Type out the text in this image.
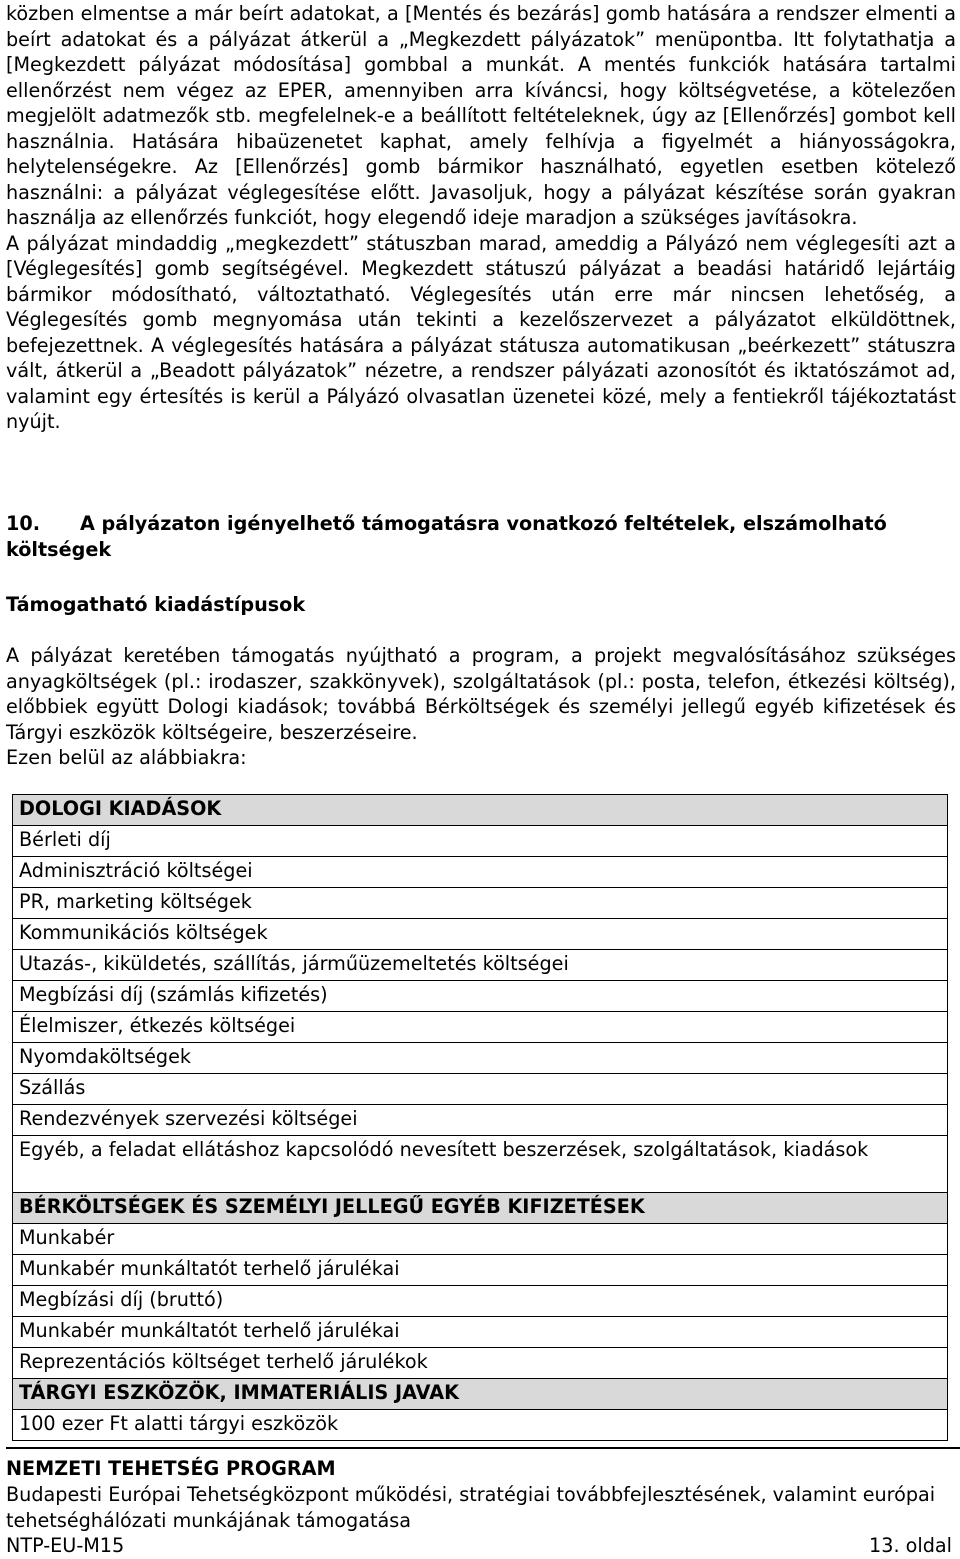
közben elmentse a már beírt adatokat, a [Mentés és bezárás] gomb hatására a rendszer elmenti a beírt adatokat és a pályázat átkerül a „Megkezdett pályázatok” menüpontba. Itt folytathatja a [Megkezdett pályázat módosítása] gombbal a munkát. A mentés funkciók hatására tartalmi ellenőrzést nem végez az EPER, amennyiben arra kíváncsi, hogy költségvetése, a kötelezően megjelölt adatmezők stb. megfelelnek-e a beállított feltételeknek, úgy az [Ellenőrzés] gombot kell használnia. Hatására hibaüzenetet kaphat, amely felhívja a figyelmét a hiányosságokra, helytelenségekre. Az [Ellenőrzés] gomb bármikor használható, egyetlen esetben kötelező használni: a pályázat véglegesítése előtt. Javasoljuk, hogy a pályázat készítése során gyakran használja az ellenőrzés funkciót, hogy elegendő ideje maradjon a szükséges javításokra.

A pályázat mindaddig „megkezdett” státuszban marad, ameddig a Pályázó nem véglegesíti azt a [Véglegesítés] gomb segítségével. Megkezdett státuszú pályázat a beadási határidő lejártáig bármikor módosítható, változtatható. Véglegesítés után erre már nincsen lehetőség, a Véglegesítés gomb megnyomása után tekinti a kezelőszervezet a pályázatot elküldöttnek, befejezettnek. A véglegesítés hatására a pályázat státusza automatikusan „beérkezett” státuszra vált, átkerül a „Beadott pályázatok” nézetre, a rendszer pályázati azonosítót és iktatószámot ad, valamint egy értesítés is kerül a Pályázó olvasatlan üzenetei közé, mely a fentiekről tájékoztatást nyújt.

10. A pályázaton igényelhető támogatásra vonatkozó feltételek, elszámolható költségek

Támogatható kiadástípusok

A pályázat keretében támogatás nyújtható a program, a projekt megvalósításához szükséges anyagköltségek (pl.: irodaszer, szakkönyvek), szolgáltatások (pl.: posta, telefon, étkezési költség), előbbiek együtt Dologi kiadások; továbbá Bérköltségek és személyi jellegű egyéb kifizetések és Tárgyi eszközök költségeire, beszerzéseire.

Ezen belül az alábbiakra:

DOLOGI KIADÁSOK
Bérleti díj
Adminisztráció költségei
PR, marketing költségek
Kommunikációs költségek
Utazás-, kiküldetés, szállítás, járműüzemeltetés költségei
Megbízási díj (számlás kifizetés)
Élelmiszer, étkezés költségei
Nyomdaköltségek
Szállás
Rendezvények szervezési költségei
Egyéb, a feladat ellátáshoz kapcsolódó nevesített beszerzések, szolgáltatások, kiadások
BÉRKÖLTSÉGEK ÉS SZEMÉLYI JELLEGŰ EGYÉB KIFIZETÉSEK
Munkabér
Munkabér munkáltatót terhelő járulékai
Megbízási díj (bruttó)
Munkabér munkáltatót terhelő járulékai
Reprezentációs költséget terhelő járulékok
TÁRGYI ESZKÖZÖK, IMMATERIÁLIS JAVAK
100 ezer Ft alatti tárgyi eszközök

NEMZETI TEHETSÉG PROGRAM

Budapesti Európai Tehetségközpont működési, stratégiai továbbfejlesztésének, valamint európai tehetséghálózati munkájának támogatása

NTP-EU-M15	13. oldal
